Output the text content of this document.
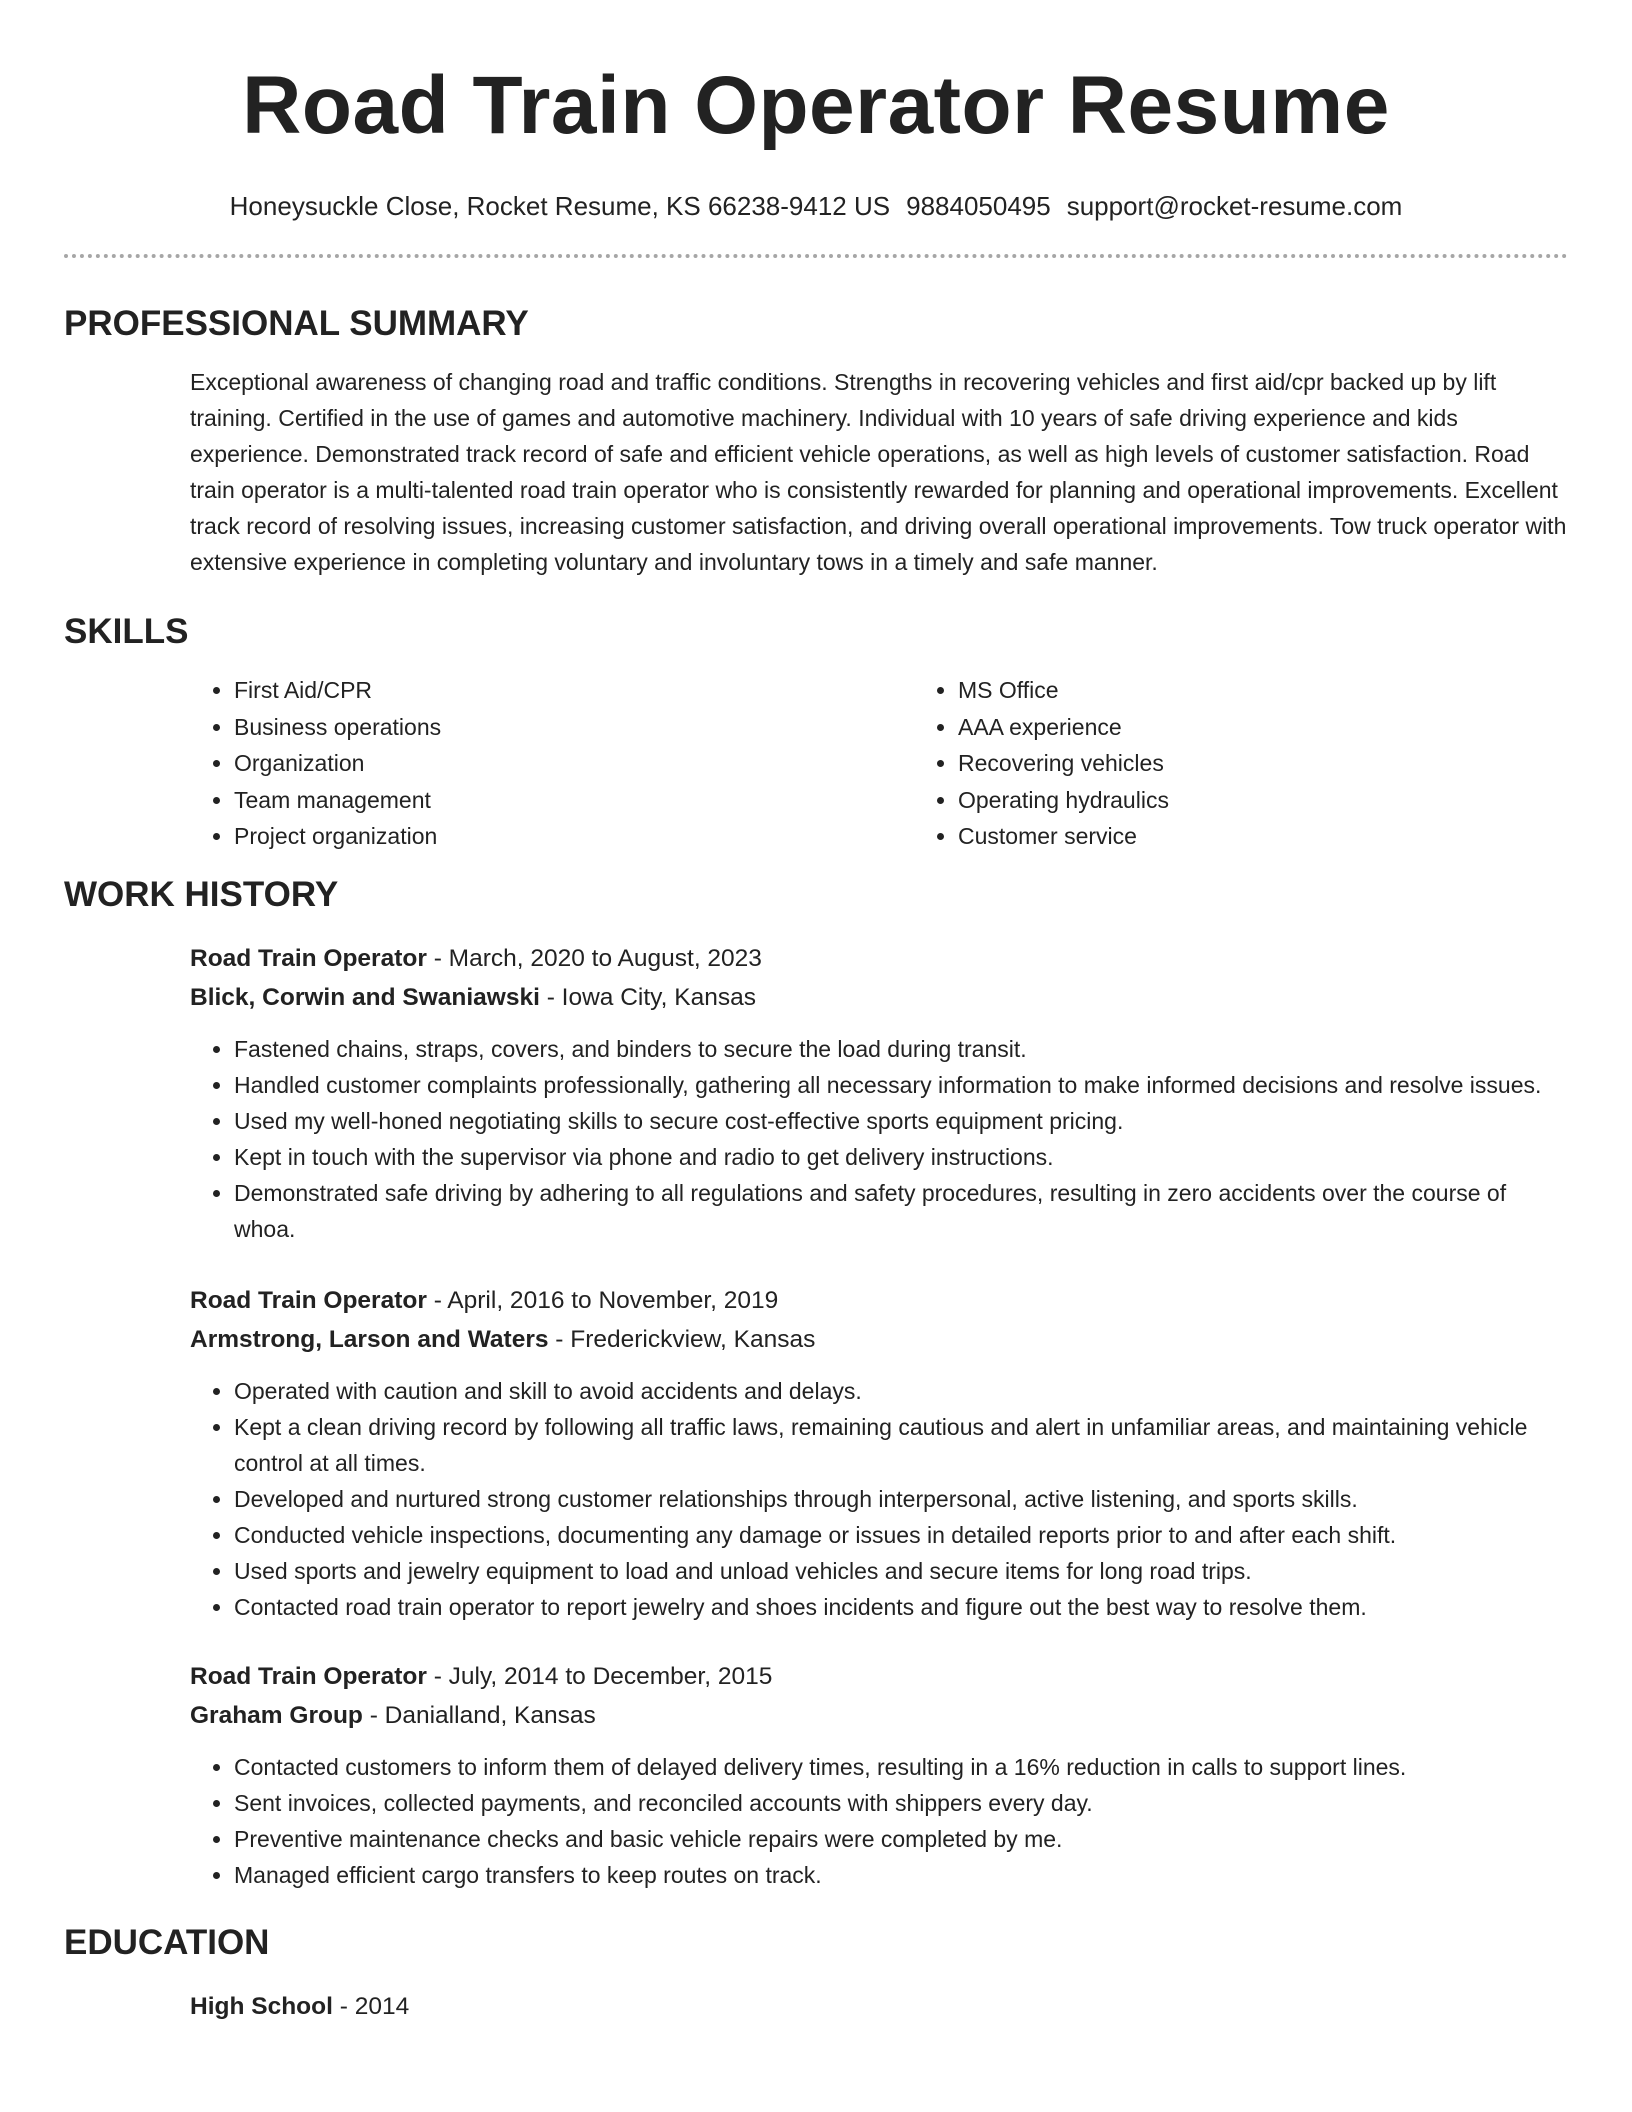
Road Train Operator Resume
Honeysuckle Close, Rocket Resume, KS 66238-9412 US 9884050495 support@rocket-resume.com
PROFESSIONAL SUMMARY
Exceptional awareness of changing road and traffic conditions. Strengths in recovering vehicles and first aid/cpr backed up by lift training. Certified in the use of games and automotive machinery. Individual with 10 years of safe driving experience and kids experience. Demonstrated track record of safe and efficient vehicle operations, as well as high levels of customer satisfaction. Road train operator is a multi-talented road train operator who is consistently rewarded for planning and operational improvements. Excellent track record of resolving issues, increasing customer satisfaction, and driving overall operational improvements. Tow truck operator with extensive experience in completing voluntary and involuntary tows in a timely and safe manner.
SKILLS
• First Aid/CPR
• Business operations
• Organization
• Team management
• Project organization
• MS Office
• AAA experience
• Recovering vehicles
• Operating hydraulics
• Customer service
WORK HISTORY
Road Train Operator - March, 2020 to August, 2023
Blick, Corwin and Swaniawski - Iowa City, Kansas
• Fastened chains, straps, covers, and binders to secure the load during transit.
• Handled customer complaints professionally, gathering all necessary information to make informed decisions and resolve issues.
• Used my well-honed negotiating skills to secure cost-effective sports equipment pricing.
• Kept in touch with the supervisor via phone and radio to get delivery instructions.
• Demonstrated safe driving by adhering to all regulations and safety procedures, resulting in zero accidents over the course of whoa.
Road Train Operator - April, 2016 to November, 2019
Armstrong, Larson and Waters - Frederickview, Kansas
• Operated with caution and skill to avoid accidents and delays.
• Kept a clean driving record by following all traffic laws, remaining cautious and alert in unfamiliar areas, and maintaining vehicle control at all times.
• Developed and nurtured strong customer relationships through interpersonal, active listening, and sports skills.
• Conducted vehicle inspections, documenting any damage or issues in detailed reports prior to and after each shift.
• Used sports and jewelry equipment to load and unload vehicles and secure items for long road trips.
• Contacted road train operator to report jewelry and shoes incidents and figure out the best way to resolve them.
Road Train Operator - July, 2014 to December, 2015
Graham Group - Danialland, Kansas
• Contacted customers to inform them of delayed delivery times, resulting in a 16% reduction in calls to support lines.
• Sent invoices, collected payments, and reconciled accounts with shippers every day.
• Preventive maintenance checks and basic vehicle repairs were completed by me.
• Managed efficient cargo transfers to keep routes on track.
EDUCATION
High School - 2014
